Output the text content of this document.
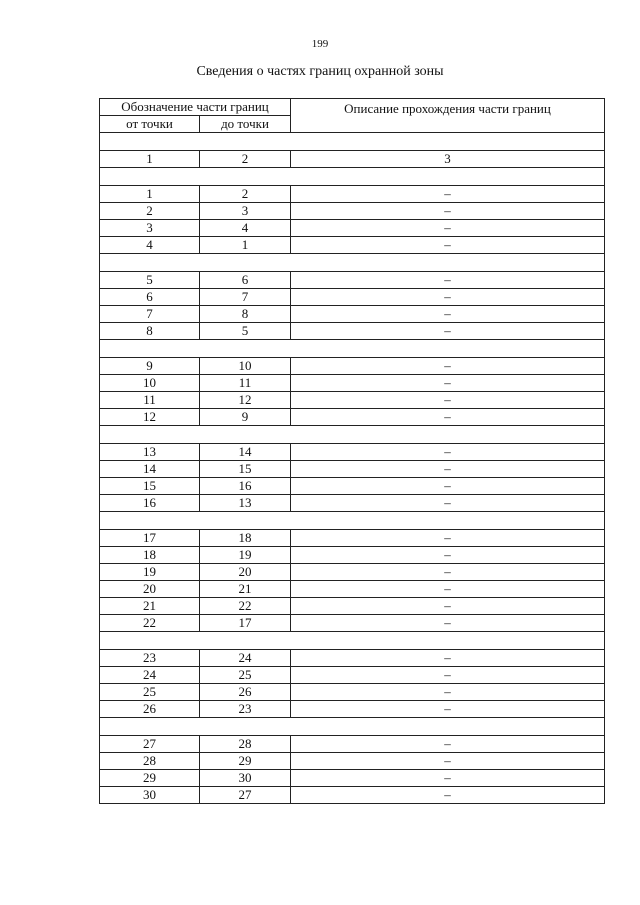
199
Сведения о частях границ охранной зоны
Обозначение части границ		Описание прохождения части границ
от точки	до точки	

1	2	3

1	2	–
2	3	–
3	4	–
4	1	–

5	6	–
6	7	–
7	8	–
8	5	–

9	10	–
10	11	–
11	12	–
12	9	–

13	14	–
14	15	–
15	16	–
16	13	–

17	18	–
18	19	–
19	20	–
20	21	–
21	22	–
22	17	–

23	24	–
24	25	–
25	26	–
26	23	–

27	28	–
28	29	–
29	30	–
30	27	–
